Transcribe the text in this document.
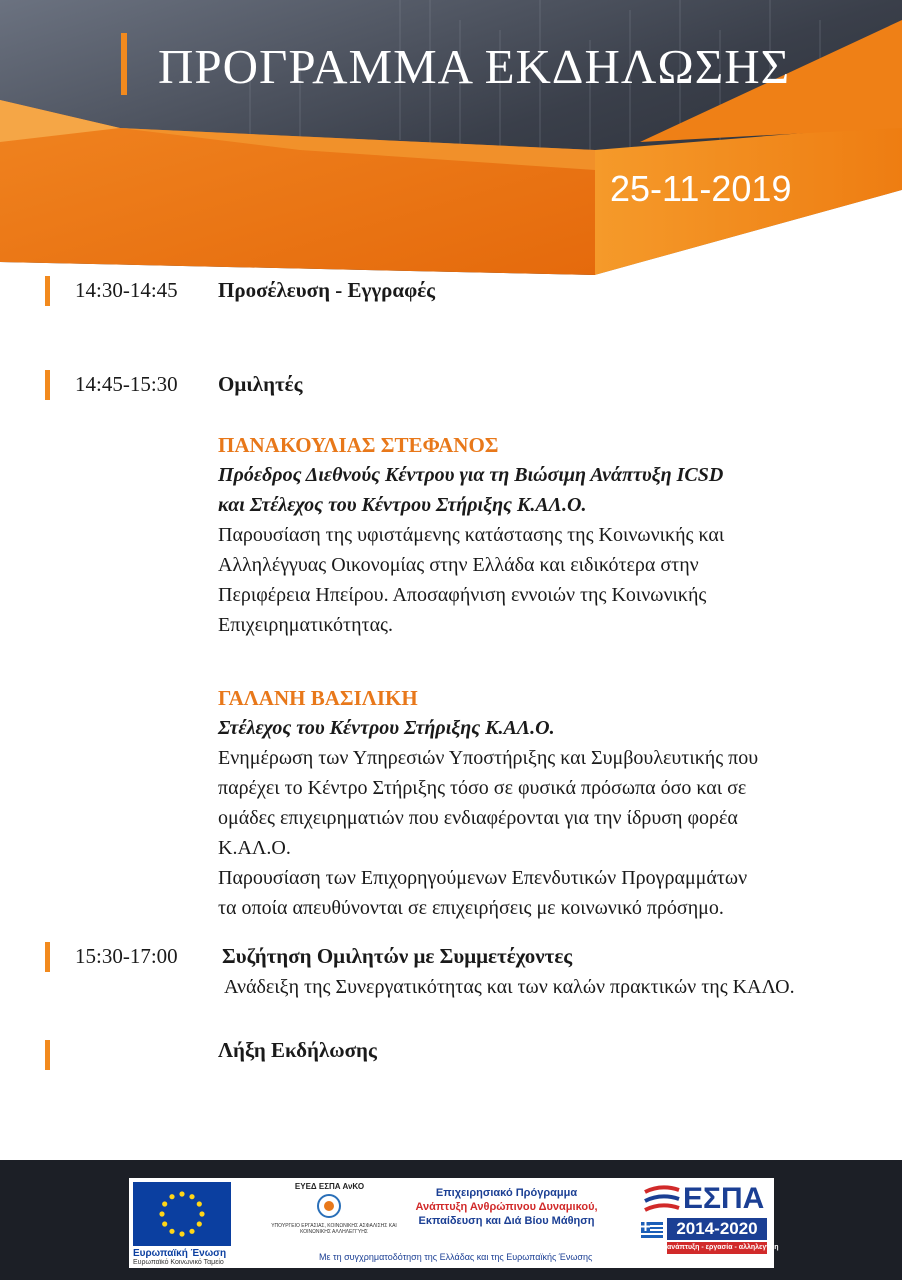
ΠΡΟΓΡΑΜΜΑ ΕΚΔΗΛΩΣΗΣ
25-11-2019
14:30-14:45 Προσέλευση - Εγγραφές
14:45-15:30 Ομιλητές
ΠΑΝΑΚΟΥΛΙΑΣ ΣΤΕΦΑΝΟΣ
Πρόεδρος Διεθνούς Κέντρου για τη Βιώσιμη Ανάπτυξη ICSD
και Στέλεχος του Κέντρου Στήριξης Κ.ΑΛ.Ο.
Παρουσίαση της υφιστάμενης κατάστασης της Κοινωνικής και
Αλληλέγγυας Οικονομίας στην Ελλάδα και ειδικότερα στην
Περιφέρεια Ηπείρου. Αποσαφήνιση εννοιών της Κοινωνικής
Επιχειρηματικότητας.
ΓΑΛΑΝΗ ΒΑΣΙΛΙΚΗ
Στέλεχος του Κέντρου Στήριξης Κ.ΑΛ.Ο.
Ενημέρωση των Υπηρεσιών Υποστήριξης και Συμβουλευτικής που
παρέχει το Κέντρο Στήριξης τόσο σε φυσικά πρόσωπα όσο και σε
ομάδες επιχειρηματιών που ενδιαφέρονται για την ίδρυση φορέα
Κ.ΑΛ.Ο.
Παρουσίαση των Επιχορηγούμενων Επενδυτικών Προγραμμάτων
τα οποία απευθύνονται σε επιχειρήσεις με κοινωνικό πρόσημο.
15:30-17:00 Συζήτηση Ομιλητών με Συμμετέχοντες
Ανάδειξη της Συνεργατικότητας και των καλών πρακτικών της ΚΑΛΟ.
Λήξη Εκδήλωσης
Ευρωπαϊκή Ένωση
Ευρωπαϊκό Κοινωνικό Ταμείο
ΕΥΕΔ ΕΣΠΑ ΑνΚΟ
ΥΠΟΥΡΓΕΙΟ ΕΡΓΑΣΙΑΣ, ΚΟΙΝΩΝΙΚΗΣ ΑΣΦΑΛΙΣΗΣ ΚΑΙ ΚΟΙΝΩΝΙΚΗΣ ΑΛΛΗΛΕΓΓΥΗΣ
Επιχειρησιακό Πρόγραμμα
Ανάπτυξη Ανθρώπινου Δυναμικού,
Εκπαίδευση και Διά Βίου Μάθηση
ΕΣΠΑ
2014-2020
ανάπτυξη - εργασία - αλληλεγγύη
Με τη συγχρηματοδότηση της Ελλάδας και της Ευρωπαϊκής Ένωσης
